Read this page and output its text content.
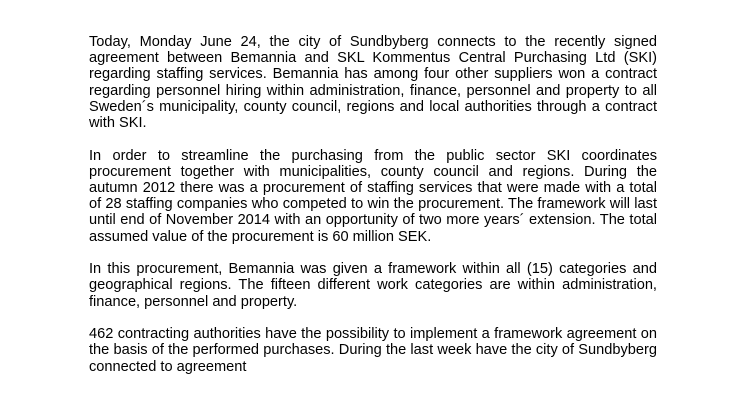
Today, Monday June 24, the city of Sundbyberg connects to the recently signed agreement between Bemannia and SKL Kommentus Central Purchasing Ltd (SKI) regarding staffing services. Bemannia has among four other suppliers won a contract regarding personnel hiring within administration, finance, personnel and property to all Sweden´s municipality, county council, regions and local authorities through a contract with SKI.

In order to streamline the purchasing from the public sector SKI coordinates procurement together with municipalities, county council and regions. During the autumn 2012 there was a procurement of staffing services that were made with a total of 28 staffing companies who competed to win the procurement. The framework will last until end of November 2014 with an opportunity of two more years´ extension. The total assumed value of the procurement is 60 million SEK.

In this procurement, Bemannia was given a framework within all (15) categories and geographical regions. The fifteen different work categories are within administration, finance, personnel and property.

462 contracting authorities have the possibility to implement a framework agreement on the basis of the performed purchases. During the last week have the city of Sundbyberg connected to agreement
